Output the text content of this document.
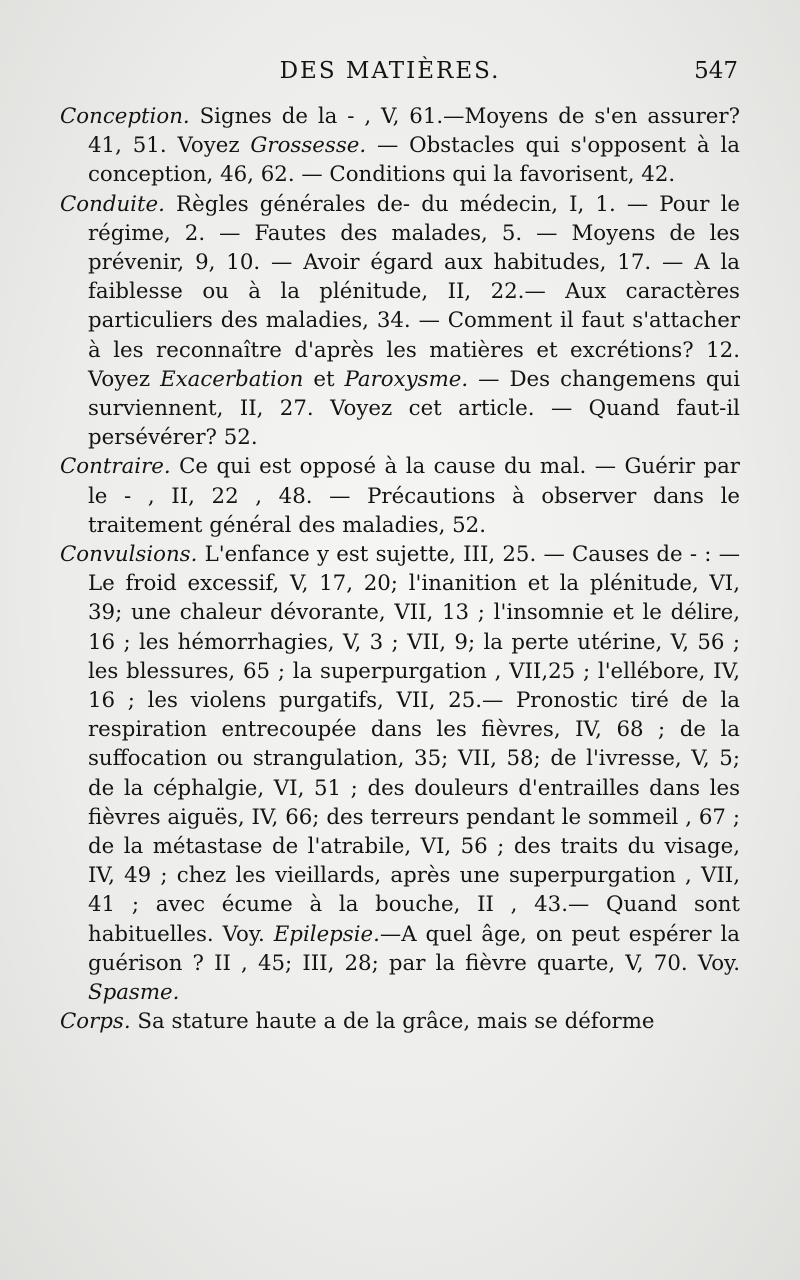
DES MATIÈRES.	547

Conception. Signes de la - , V, 61.—Moyens de s'en assurer? 41, 51. Voyez Grossesse. — Obstacles qui s'opposent à la conception, 46, 62. — Conditions qui la favorisent, 42.

Conduite. Règles générales de- du médecin, I, 1. — Pour le régime, 2. — Fautes des malades, 5. — Moyens de les prévenir, 9, 10. — Avoir égard aux habitudes, 17. — A la faiblesse ou à la plénitude, II, 22.— Aux caractères particuliers des maladies, 34. — Comment il faut s'attacher à les reconnaître d'après les matières et excrétions? 12. Voyez Exacerbation et Paroxysme. — Des changemens qui surviennent, II, 27. Voyez cet article. — Quand faut-il persévérer? 52.

Contraire. Ce qui est opposé à la cause du mal. — Guérir par le - , II, 22 , 48. — Précautions à observer dans le traitement général des maladies, 52.

Convulsions. L'enfance y est sujette, III, 25. — Causes de - : — Le froid excessif, V, 17, 20; l'inanition et la plénitude, VI, 39; une chaleur dévorante, VII, 13 ; l'insomnie et le délire, 16 ; les hémorrhagies, V, 3 ; VII, 9; la perte utérine, V, 56 ; les blessures, 65 ; la superpurgation , VII,25 ; l'ellébore, IV, 16 ; les violens purgatifs, VII, 25.— Pronostic tiré de la respiration entrecoupée dans les fièvres, IV, 68 ; de la suffocation ou strangulation, 35; VII, 58; de l'ivresse, V, 5; de la céphalgie, VI, 51 ; des douleurs d'entrailles dans les fièvres aiguës, IV, 66; des terreurs pendant le sommeil , 67 ; de la métastase de l'atrabile, VI, 56 ; des traits du visage, IV, 49 ; chez les vieillards, après une superpurgation , VII, 41 ; avec écume à la bouche, II , 43.— Quand sont habituelles. Voy. Epilepsie.—A quel âge, on peut espérer la guérison ? II , 45; III, 28; par la fièvre quarte, V, 70. Voy. Spasme.

Corps. Sa stature haute a de la grâce, mais se déforme
